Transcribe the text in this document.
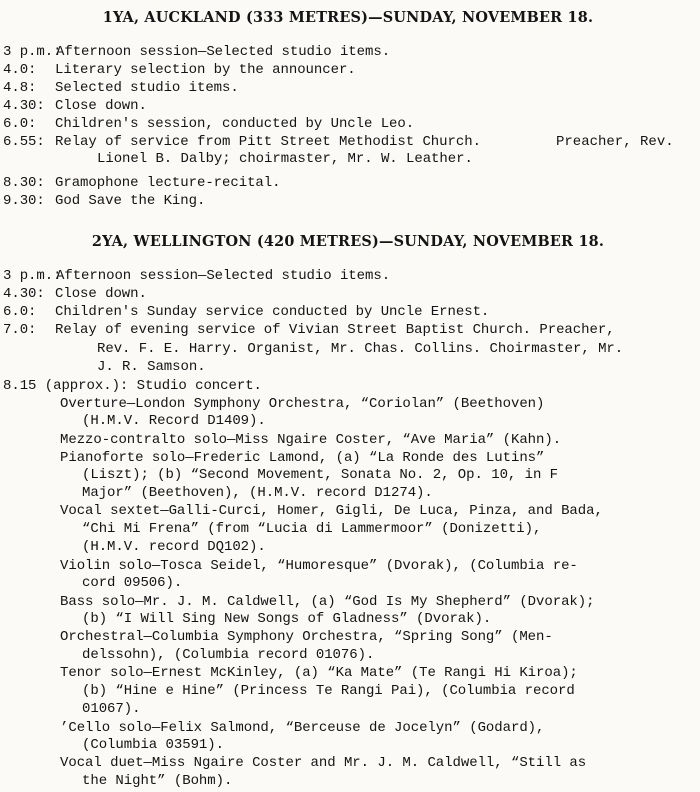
1YA, AUCKLAND (333 METRES)—SUNDAY, NOVEMBER 18.
3 p.m.:Afternoon session—Selected studio items.
4.0: Literary selection by the announcer.
4.8: Selected studio items.
4.30: Close down.
6.0: Children's session, conducted by Uncle Leo.
6.55: Relay of service from Pitt Street Methodist Church.	Preacher, Rev.
Lionel B. Dalby; choirmaster, Mr. W. Leather.
8.30: Gramophone lecture-recital.
9.30: God Save the King.
2YA, WELLINGTON (420 METRES)—SUNDAY, NOVEMBER 18.
3 p.m.:Afternoon session—Selected studio items.
4.30: Close down.
6.0: Children's Sunday service conducted by Uncle Ernest.
7.0: Relay of evening service of Vivian Street Baptist Church. Preacher,
Rev. F. E. Harry. Organist, Mr. Chas. Collins. Choirmaster, Mr.
J. R. Samson.
8.15 (approx.): Studio concert.
Overture—London Symphony Orchestra, “Coriolan” (Beethoven)
(H.M.V. Record D1409).
Mezzo-contralto solo—Miss Ngaire Coster, “Ave Maria” (Kahn).
Pianoforte solo—Frederic Lamond, (a) “La Ronde des Lutins”
(Liszt); (b) “Second Movement, Sonata No. 2, Op. 10, in F
Major” (Beethoven), (H.M.V. record D1274).
Vocal sextet—Galli-Curci, Homer, Gigli, De Luca, Pinza, and Bada,
“Chi Mi Frena” (from “Lucia di Lammermoor” (Donizetti),
(H.M.V. record DQ102).
Violin solo—Tosca Seidel, “Humoresque” (Dvorak), (Columbia re-
cord 09506).
Bass solo—Mr. J. M. Caldwell, (a) “God Is My Shepherd” (Dvorak);
(b) “I Will Sing New Songs of Gladness” (Dvorak).
Orchestral—Columbia Symphony Orchestra, “Spring Song” (Men-
delssohn), (Columbia record 01076).
Tenor solo—Ernest McKinley, (a) “Ka Mate” (Te Rangi Hi Kiroa);
(b) “Hine e Hine” (Princess Te Rangi Pai), (Columbia record
01067).
’Cello solo—Felix Salmond, “Berceuse de Jocelyn” (Godard),
(Columbia 03591).
Vocal duet—Miss Ngaire Coster and Mr. J. M. Caldwell, “Still as
the Night” (Bohm).
